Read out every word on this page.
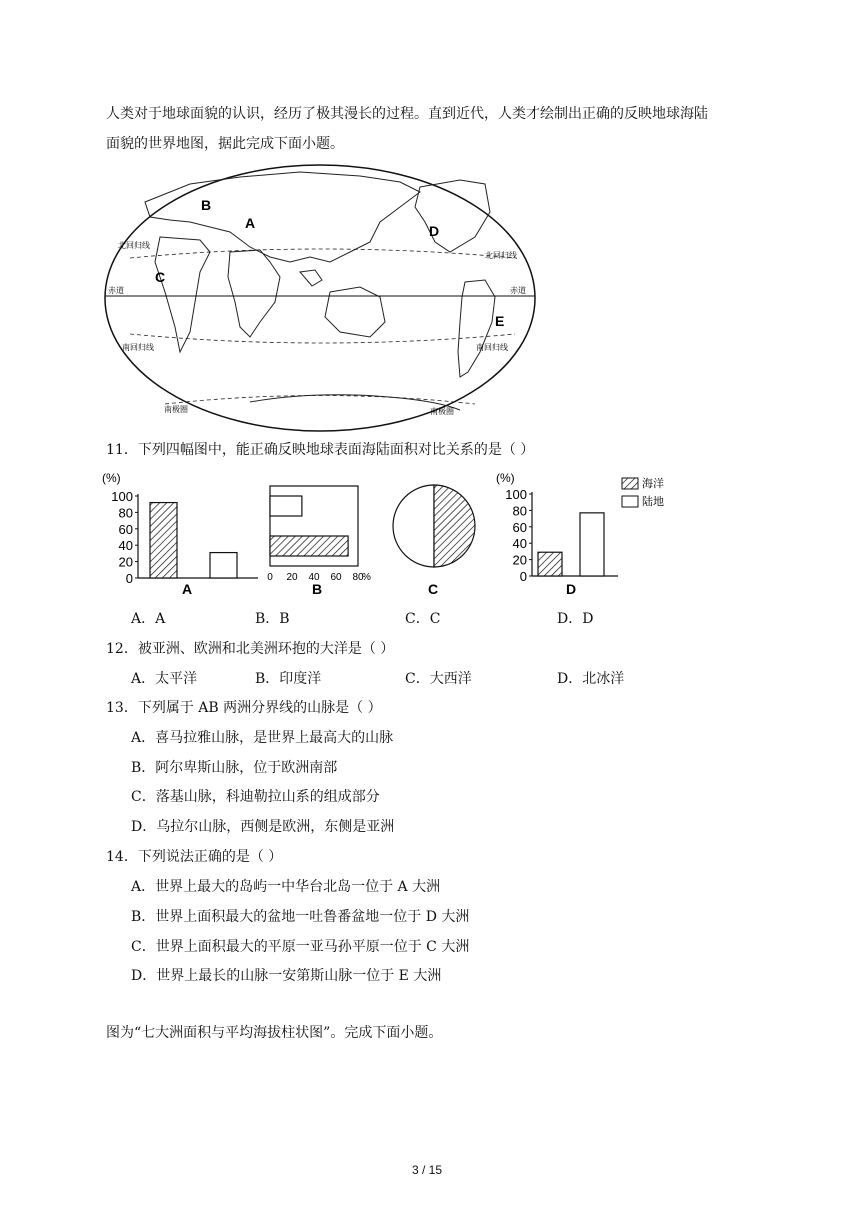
人类对于地球面貌的认识，经历了极其漫长的过程。直到近代，人类才绘制出正确的反映地球海陆
面貌的世界地图，据此完成下面小题。
A
B
C
D
E
赤道	赤道
北回归线
北回归线
南回归线	南回归线
南极圈	南极圈
11．下列四幅图中，能正确反映地球表面海陆面积对比关系的是（ ）
(%)
0
20
40
60
80
100
A
0 20 40 60 80
%
B	C
(%)
0
20
40
60
80
100
D
海洋
陆地
A．A	B．B	C．C	D．D
12．被亚洲、欧洲和北美洲环抱的大洋是（ ）
A．太平洋	B．印度洋	C．大西洋	D．北冰洋
13．下列属于 AB 两洲分界线的山脉是（ ）
A．喜马拉雅山脉，是世界上最高大的山脉
B．阿尔卑斯山脉，位于欧洲南部
C．落基山脉，科迪勒拉山系的组成部分
D．乌拉尔山脉，西侧是欧洲，东侧是亚洲
14．下列说法正确的是（ ）
A．世界上最大的岛屿一中华台北岛一位于 A 大洲
B．世界上面积最大的盆地一吐鲁番盆地一位于 D 大洲
C．世界上面积最大的平原一亚马孙平原一位于 C 大洲
D．世界上最长的山脉一安第斯山脉一位于 E 大洲
图为“七大洲面积与平均海拔柱状图”。完成下面小题。
3 / 15
